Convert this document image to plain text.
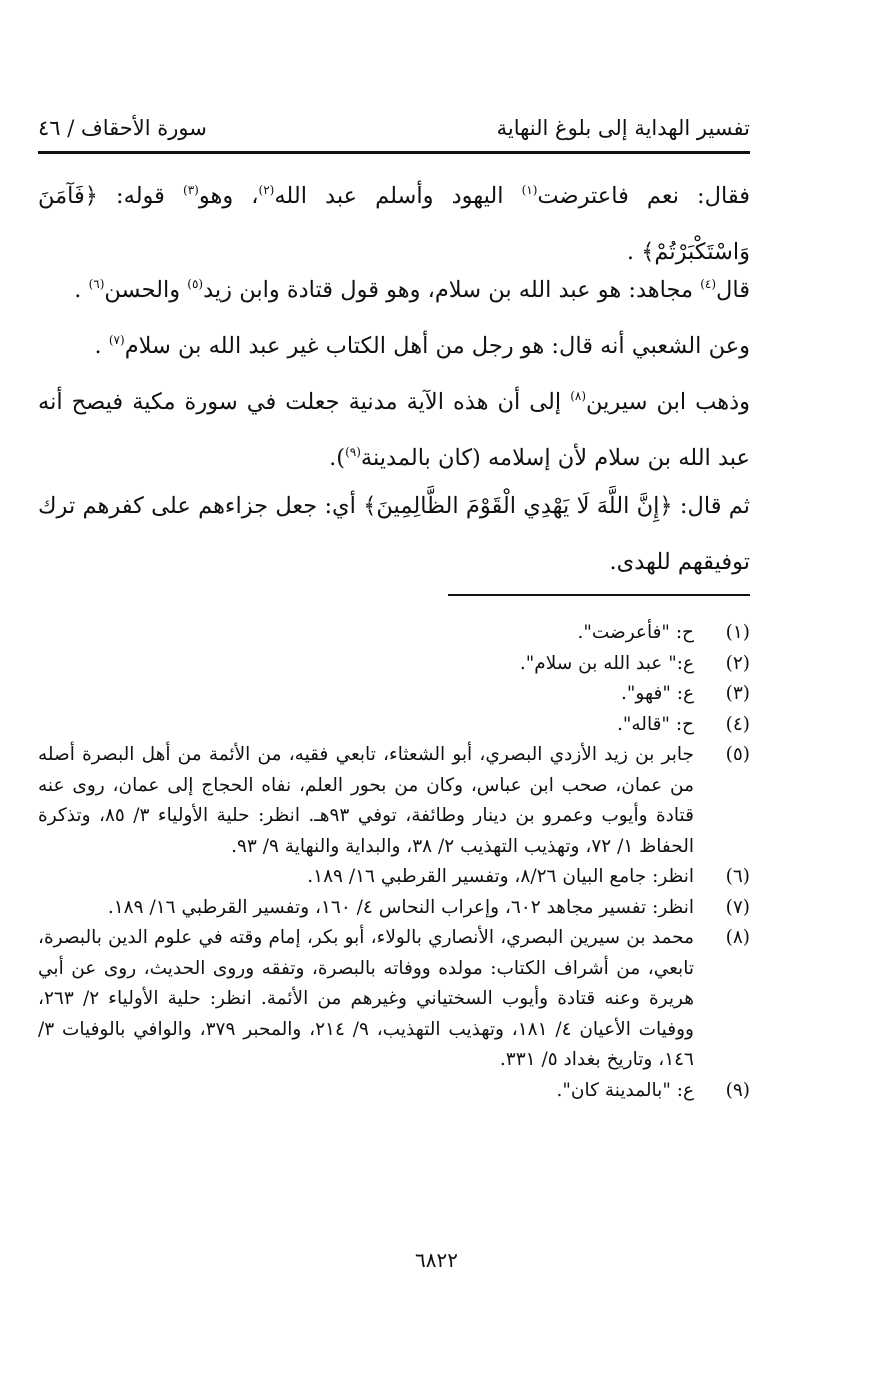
تفسير الهداية إلى بلوغ النهاية
سورة الأحقاف / ٤٦

فقال: نعم فاعترضت$^{(١)}$ اليهود وأسلم عبد الله$^{(٢)}$، وهو$^{(٣)}$ قوله: ﴿فَآمَنَ وَاسْتَكْبَرْتُمْ﴾ .

قال$^{(٤)}$ مجاهد: هو عبد الله بن سلام، وهو قول قتادة وابن زيد$^{(٥)}$ والحسن$^{(٦)}$ .

وعن الشعبي أنه قال: هو رجل من أهل الكتاب غير عبد الله بن سلام$^{(٧)}$ .

وذهب ابن سيرين$^{(٨)}$ إلى أن هذه الآية مدنية جعلت في سورة مكية فيصح أنه عبد الله بن سلام لأن إسلامه (كان بالمدينة$^{(٩)}$).

ثم قال: ﴿إِنَّ اللَّهَ لَا يَهْدِي الْقَوْمَ الظَّالِمِينَ﴾ أي: جعل جزاءهم على كفرهم ترك توفيقهم للهدى.

(١)
ح: "فأعرضت".
(٢)
ع:" عبد الله بن سلام".
(٣)
ع: "فهو".
(٤)
ح: "قاله".
(٥)
جابر بن زيد الأزدي البصري، أبو الشعثاء، تابعي فقيه، من الأئمة من أهل البصرة أصله من عمان، صحب ابن عباس، وكان من بحور العلم، نفاه الحجاج إلى عمان، روى عنه قتادة وأيوب وعمرو بن دينار وطائفة، توفي ٩٣هـ. انظر: حلية الأولياء ٣/ ٨٥، وتذكرة الحفاظ ١/ ٧٢، وتهذيب التهذيب ٢/ ٣٨، والبداية والنهاية ٩/ ٩٣.
(٦)
انظر: جامع البيان ٨/٢٦، وتفسير القرطبي ١٦/ ١٨٩.
(٧)
انظر: تفسير مجاهد ٦٠٢، وإعراب النحاس ٤/ ١٦٠، وتفسير القرطبي ١٦/ ١٨٩.
(٨)
محمد بن سيرين البصري، الأنصاري بالولاء، أبو بكر، إمام وقته في علوم الدين بالبصرة، تابعي، من أشراف الكتاب: مولده ووفاته بالبصرة، وتفقه وروى الحديث، روى عن أبي هريرة وعنه قتادة وأيوب السختياني وغيرهم من الأئمة. انظر: حلية الأولياء ٢/ ٢٦٣، ووفيات الأعيان ٤/ ١٨١، وتهذيب التهذيب، ٩/ ٢١٤، والمحبر ٣٧٩، والوافي بالوفيات ٣/ ١٤٦، وتاريخ بغداد ٥/ ٣٣١.
(٩)
ع: "بالمدينة كان".
٦٨٢٢
